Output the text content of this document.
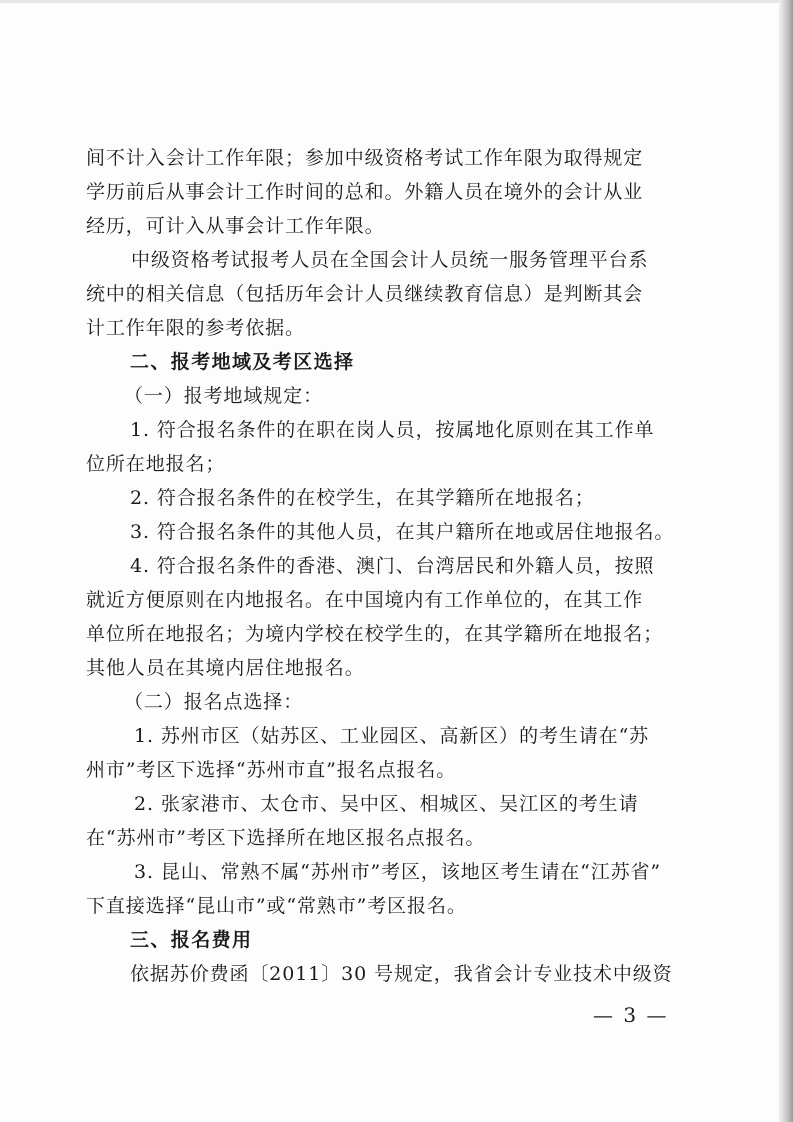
间不计入会计工作年限；参加中级资格考试工作年限为取得规定
学历前后从事会计工作时间的总和。外籍人员在境外的会计从业
经历，可计入从事会计工作年限。
中级资格考试报考人员在全国会计人员统一服务管理平台系
统中的相关信息（包括历年会计人员继续教育信息）是判断其会
计工作年限的参考依据。
二、报考地域及考区选择
（一）报考地域规定：
1. 符合报名条件的在职在岗人员，按属地化原则在其工作单
位所在地报名；
2. 符合报名条件的在校学生，在其学籍所在地报名；
3. 符合报名条件的其他人员，在其户籍所在地或居住地报名。
4. 符合报名条件的香港、澳门、台湾居民和外籍人员，按照
就近方便原则在内地报名。在中国境内有工作单位的，在其工作
单位所在地报名；为境内学校在校学生的，在其学籍所在地报名；
其他人员在其境内居住地报名。
（二）报名点选择：
1. 苏州市区（姑苏区、工业园区、高新区）的考生请在“苏
州市”考区下选择“苏州市直”报名点报名。
2. 张家港市、太仓市、吴中区、相城区、吴江区的考生请
在“苏州市”考区下选择所在地区报名点报名。
3. 昆山、常熟不属“苏州市”考区，该地区考生请在“江苏省”
下直接选择“昆山市”或“常熟市”考区报名。
三、报名费用
依据苏价费函〔2011〕30 号规定，我省会计专业技术中级资
— 3 —
